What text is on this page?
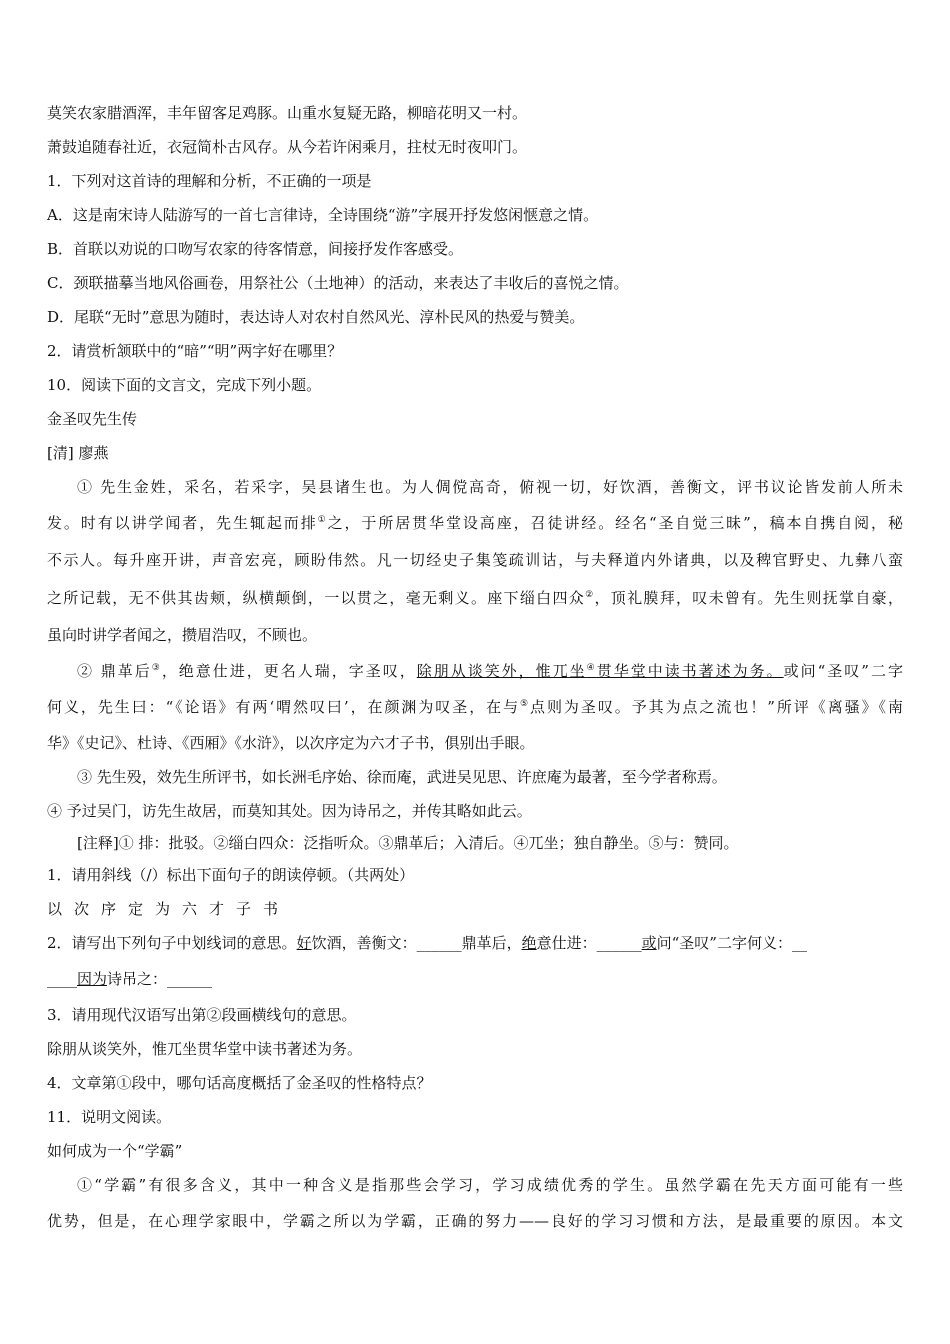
莫笑农家腊酒浑，丰年留客足鸡豚。山重水复疑无路，柳暗花明又一村。
萧鼓追随春社近，衣冠简朴古风存。从今若许闲乘月，拄杖无时夜叩门。
1．下列对这首诗的理解和分析，不正确的一项是
A．这是南宋诗人陆游写的一首七言律诗，全诗围绕“游”字展开抒发悠闲惬意之情。
B．首联以劝说的口吻写农家的待客情意，间接抒发作客感受。
C．颈联描摹当地风俗画卷，用祭社公（土地神）的活动，来表达了丰收后的喜悦之情。
D．尾联“无时”意思为随时，表达诗人对农村自然风光、淳朴民风的热爱与赞美。
2．请赏析颔联中的“暗”“明”两字好在哪里？
10．阅读下面的文言文，完成下列小题。
金圣叹先生传
[清] 廖燕
① 先生金姓，采名，若采字，吴县诸生也。为人倜傥高奇，俯视一切，好饮酒，善衡文，评书议论皆发前人所未
发。时有以讲学闻者，先生辄起而排①之，于所居贯华堂设高座，召徒讲经。经名“圣自觉三昧”，稿本自携自阅，秘
不示人。每升座开讲，声音宏亮，顾盼伟然。凡一切经史子集笺疏训诂，与夫释道内外诸典，以及稗官野史、九彝八蛮
之所记载，无不供其齿颊，纵横颠倒，一以贯之，毫无剩义。座下缁白四众②，顶礼膜拜，叹未曾有。先生则抚掌自豪，
虽向时讲学者闻之，攒眉浩叹，不顾也。
② 鼎革后③，绝意仕进，更名人瑞，字圣叹，除朋从谈笑外，惟兀坐④贯华堂中读书著述为务。或问“圣叹”二字
何义，先生曰：“《论语》有两‘喟然叹曰’，在颜渊为叹圣，在与⑤点则为圣叹。予其为点之流也！”所评《离骚》《南
华》《史记》、杜诗、《西厢》《水浒》，以次序定为六才子书，俱别出手眼。
③ 先生殁，效先生所评书，如长洲毛序始、徐而庵，武进吴见思、许庶庵为最著，至今学者称焉。
④ 予过吴门，访先生故居，而莫知其处。因为诗吊之，并传其略如此云。
[注释]① 排：批驳。②缁白四众：泛指听众。③鼎革后；入清后。④兀坐；独自静坐。⑤与：赞同。
1．请用斜线（/）标出下面句子的朗读停顿。（共两处）
以次序定为六才子书
2．请写出下列句子中划线词的意思。好饮酒，善衡文：______鼎革后，绝意仕进：______或问“圣叹”二字何义：__
____因为诗吊之：______
3．请用现代汉语写出第②段画横线句的意思。
除朋从谈笑外，惟兀坐贯华堂中读书著述为务。
4．文章第①段中，哪句话高度概括了金圣叹的性格特点？
11．说明文阅读。
如何成为一个“学霸”
①“学霸”有很多含义，其中一种含义是指那些会学习，学习成绩优秀的学生。虽然学霸在先天方面可能有一些
优势，但是，在心理学家眼中，学霸之所以为学霸，正确的努力——良好的学习习惯和方法，是最重要的原因。本文
